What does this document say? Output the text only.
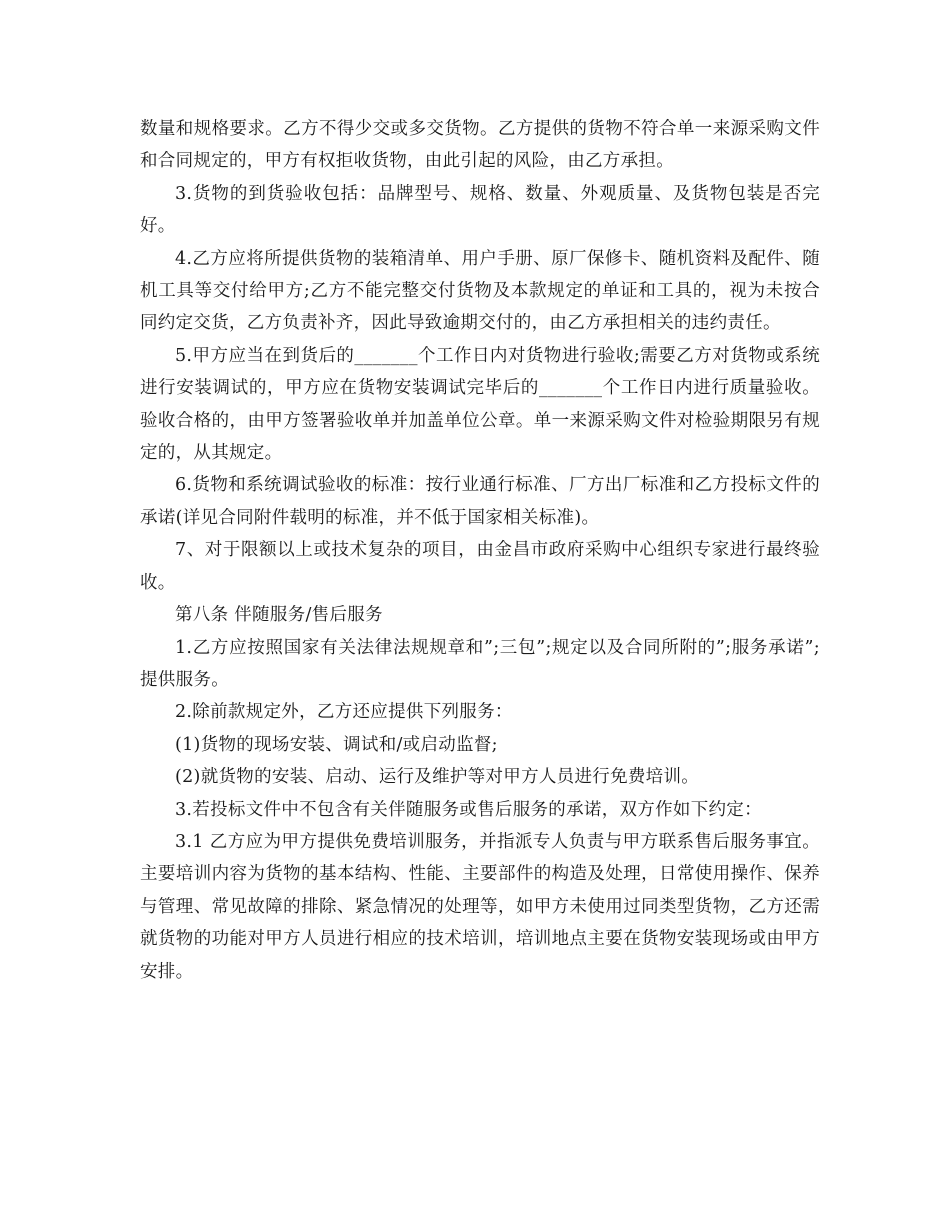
数量和规格要求。乙方不得少交或多交货物。乙方提供的货物不符合单一来源采购文件和合同规定的，甲方有权拒收货物，由此引起的风险，由乙方承担。

3.货物的到货验收包括：品牌型号、规格、数量、外观质量、及货物包装是否完好。

4.乙方应将所提供货物的装箱清单、用户手册、原厂保修卡、随机资料及配件、随机工具等交付给甲方;乙方不能完整交付货物及本款规定的单证和工具的，视为未按合同约定交货，乙方负责补齐，因此导致逾期交付的，由乙方承担相关的违约责任。

5.甲方应当在到货后的_______个工作日内对货物进行验收;需要乙方对货物或系统进行安装调试的，甲方应在货物安装调试完毕后的_______个工作日内进行质量验收。验收合格的，由甲方签署验收单并加盖单位公章。单一来源采购文件对检验期限另有规定的，从其规定。

6.货物和系统调试验收的标准：按行业通行标准、厂方出厂标准和乙方投标文件的承诺(详见合同附件载明的标准，并不低于国家相关标准)。

7、对于限额以上或技术复杂的项目，由金昌市政府采购中心组织专家进行最终验收。

第八条 伴随服务/售后服务

1.乙方应按照国家有关法律法规规章和”;三包”;规定以及合同所附的”;服务承诺”;提供服务。

2.除前款规定外，乙方还应提供下列服务：

(1)货物的现场安装、调试和/或启动监督;

(2)就货物的安装、启动、运行及维护等对甲方人员进行免费培训。

3.若投标文件中不包含有关伴随服务或售后服务的承诺，双方作如下约定：

3.1 乙方应为甲方提供免费培训服务，并指派专人负责与甲方联系售后服务事宜。主要培训内容为货物的基本结构、性能、主要部件的构造及处理，日常使用操作、保养与管理、常见故障的排除、紧急情况的处理等，如甲方未使用过同类型货物，乙方还需就货物的功能对甲方人员进行相应的技术培训，培训地点主要在货物安装现场或由甲方安排。
